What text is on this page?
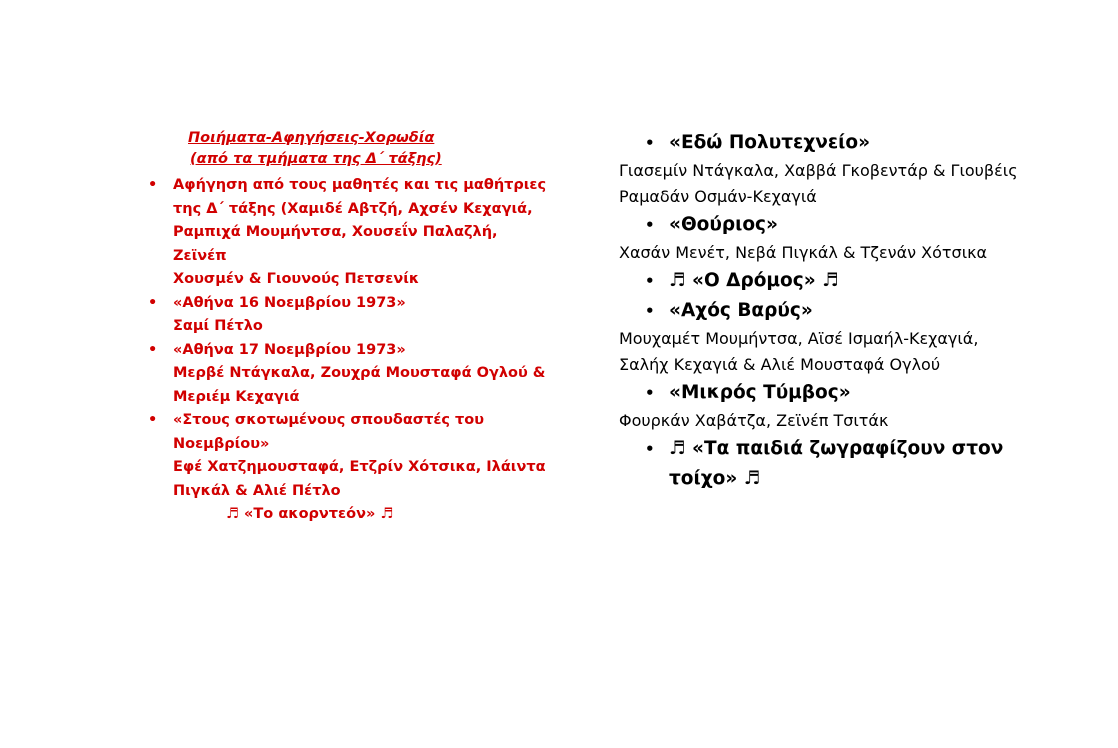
Ποιήματα-Αφηγήσεις-Χορωδία
(από τα τμήματα της Δ΄ τάξης)
• Αφήγηση από τους μαθητές και τις μαθήτριες
της Δ΄ τάξης (Χαμιδέ Αβτζή, Αχσέν Κεχαγιά,
Ραμπιχά Μουμήντσα, Χουσεΐν Παλαζλή, Ζεϊνέπ
Χουσμέν & Γιουνούς Πετσενίκ
• «Αθήνα 16 Νοεμβρίου 1973»
Σαμί Πέτλο
• «Αθήνα 17 Νοεμβρίου 1973»
Μερβέ Ντάγκαλα, Ζουχρά Μουσταφά Ογλού &
Μεριέμ Κεχαγιά
• «Στους σκοτωμένους σπουδαστές του
Νοεμβρίου»
Εφέ Χατζημουσταφά, Ετζρίν Χότσικα, Ιλάιντα
Πιγκάλ & Αλιέ Πέτλο
♬ «Το ακορντεόν» ♬
• «Εδώ Πολυτεχνείο»
Γιασεμίν Ντάγκαλα, Χαββά Γκοβεντάρ & Γιουβέις
Ραμαδάν Οσμάν-Κεχαγιά
• «Θούριος»
Χασάν Μενέτ, Νεβά Πιγκάλ & Τζενάν Χότσικα
• ♬ «Ο Δρόμος» ♬
• «Αχός Βαρύς»
Μουχαμέτ Μουμήντσα, Αϊσέ Ισμαήλ-Κεχαγιά,
Σαλήχ Κεχαγιά & Αλιέ Μουσταφά Ογλού
• «Μικρός Τύμβος»
Φουρκάν Χαβάτζα, Ζεϊνέπ Τσιτάκ
• ♬ «Τα παιδιά ζωγραφίζουν στον
τοίχο» ♬
